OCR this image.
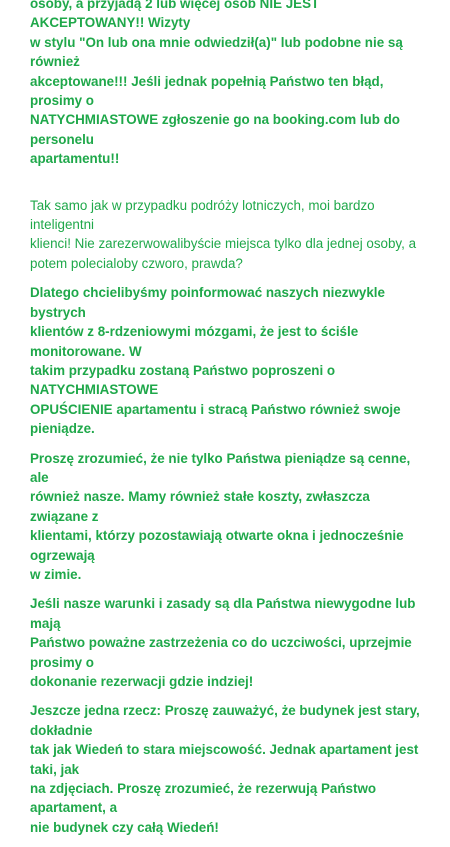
osoby, a przyjadą 2 lub więcej osób NIE JEST AKCEPTOWANY!! Wizyty
w stylu "On lub ona mnie odwiedził(a)" lub podobne nie są również
akceptowane!!! Jeśli jednak popełnią Państwo ten błąd, prosimy o
NATYCHMIASTOWE zgłoszenie go na booking.com lub do personelu
apartamentu!!

Tak samo jak w przypadku podróży lotniczych, moi bardzo inteligentni
klienci! Nie zarezerwowalibyście miejsca tylko dla jednej osoby, a
potem polecialoby czworo, prawda?

Dlatego chcielibyśmy poinformować naszych niezwykle bystrych
klientów z 8-rdzeniowymi mózgami, że jest to ściśle monitorowane. W
takim przypadku zostaną Państwo poproszeni o NATYCHMIASTOWE
OPUŚCIENIE apartamentu i stracą Państwo również swoje pieniądze.

Proszę zrozumieć, że nie tylko Państwa pieniądze są cenne, ale
również nasze. Mamy również stałe koszty, zwłaszcza związane z
klientami, którzy pozostawiają otwarte okna i jednocześnie ogrzewają
w zimie.

Jeśli nasze warunki i zasady są dla Państwa niewygodne lub mają
Państwo poważne zastrzeżenia co do uczciwości, uprzejmie prosimy o
dokonanie rezerwacji gdzie indziej!

Jeszcze jedna rzecz: Proszę zauważyć, że budynek jest stary, dokładnie
tak jak Wiedeń to stara miejscowość. Jednak apartament jest taki, jak
na zdjęciach. Proszę zrozumieć, że rezerwują Państwo apartament, a
nie budynek czy całą Wiedeń!
